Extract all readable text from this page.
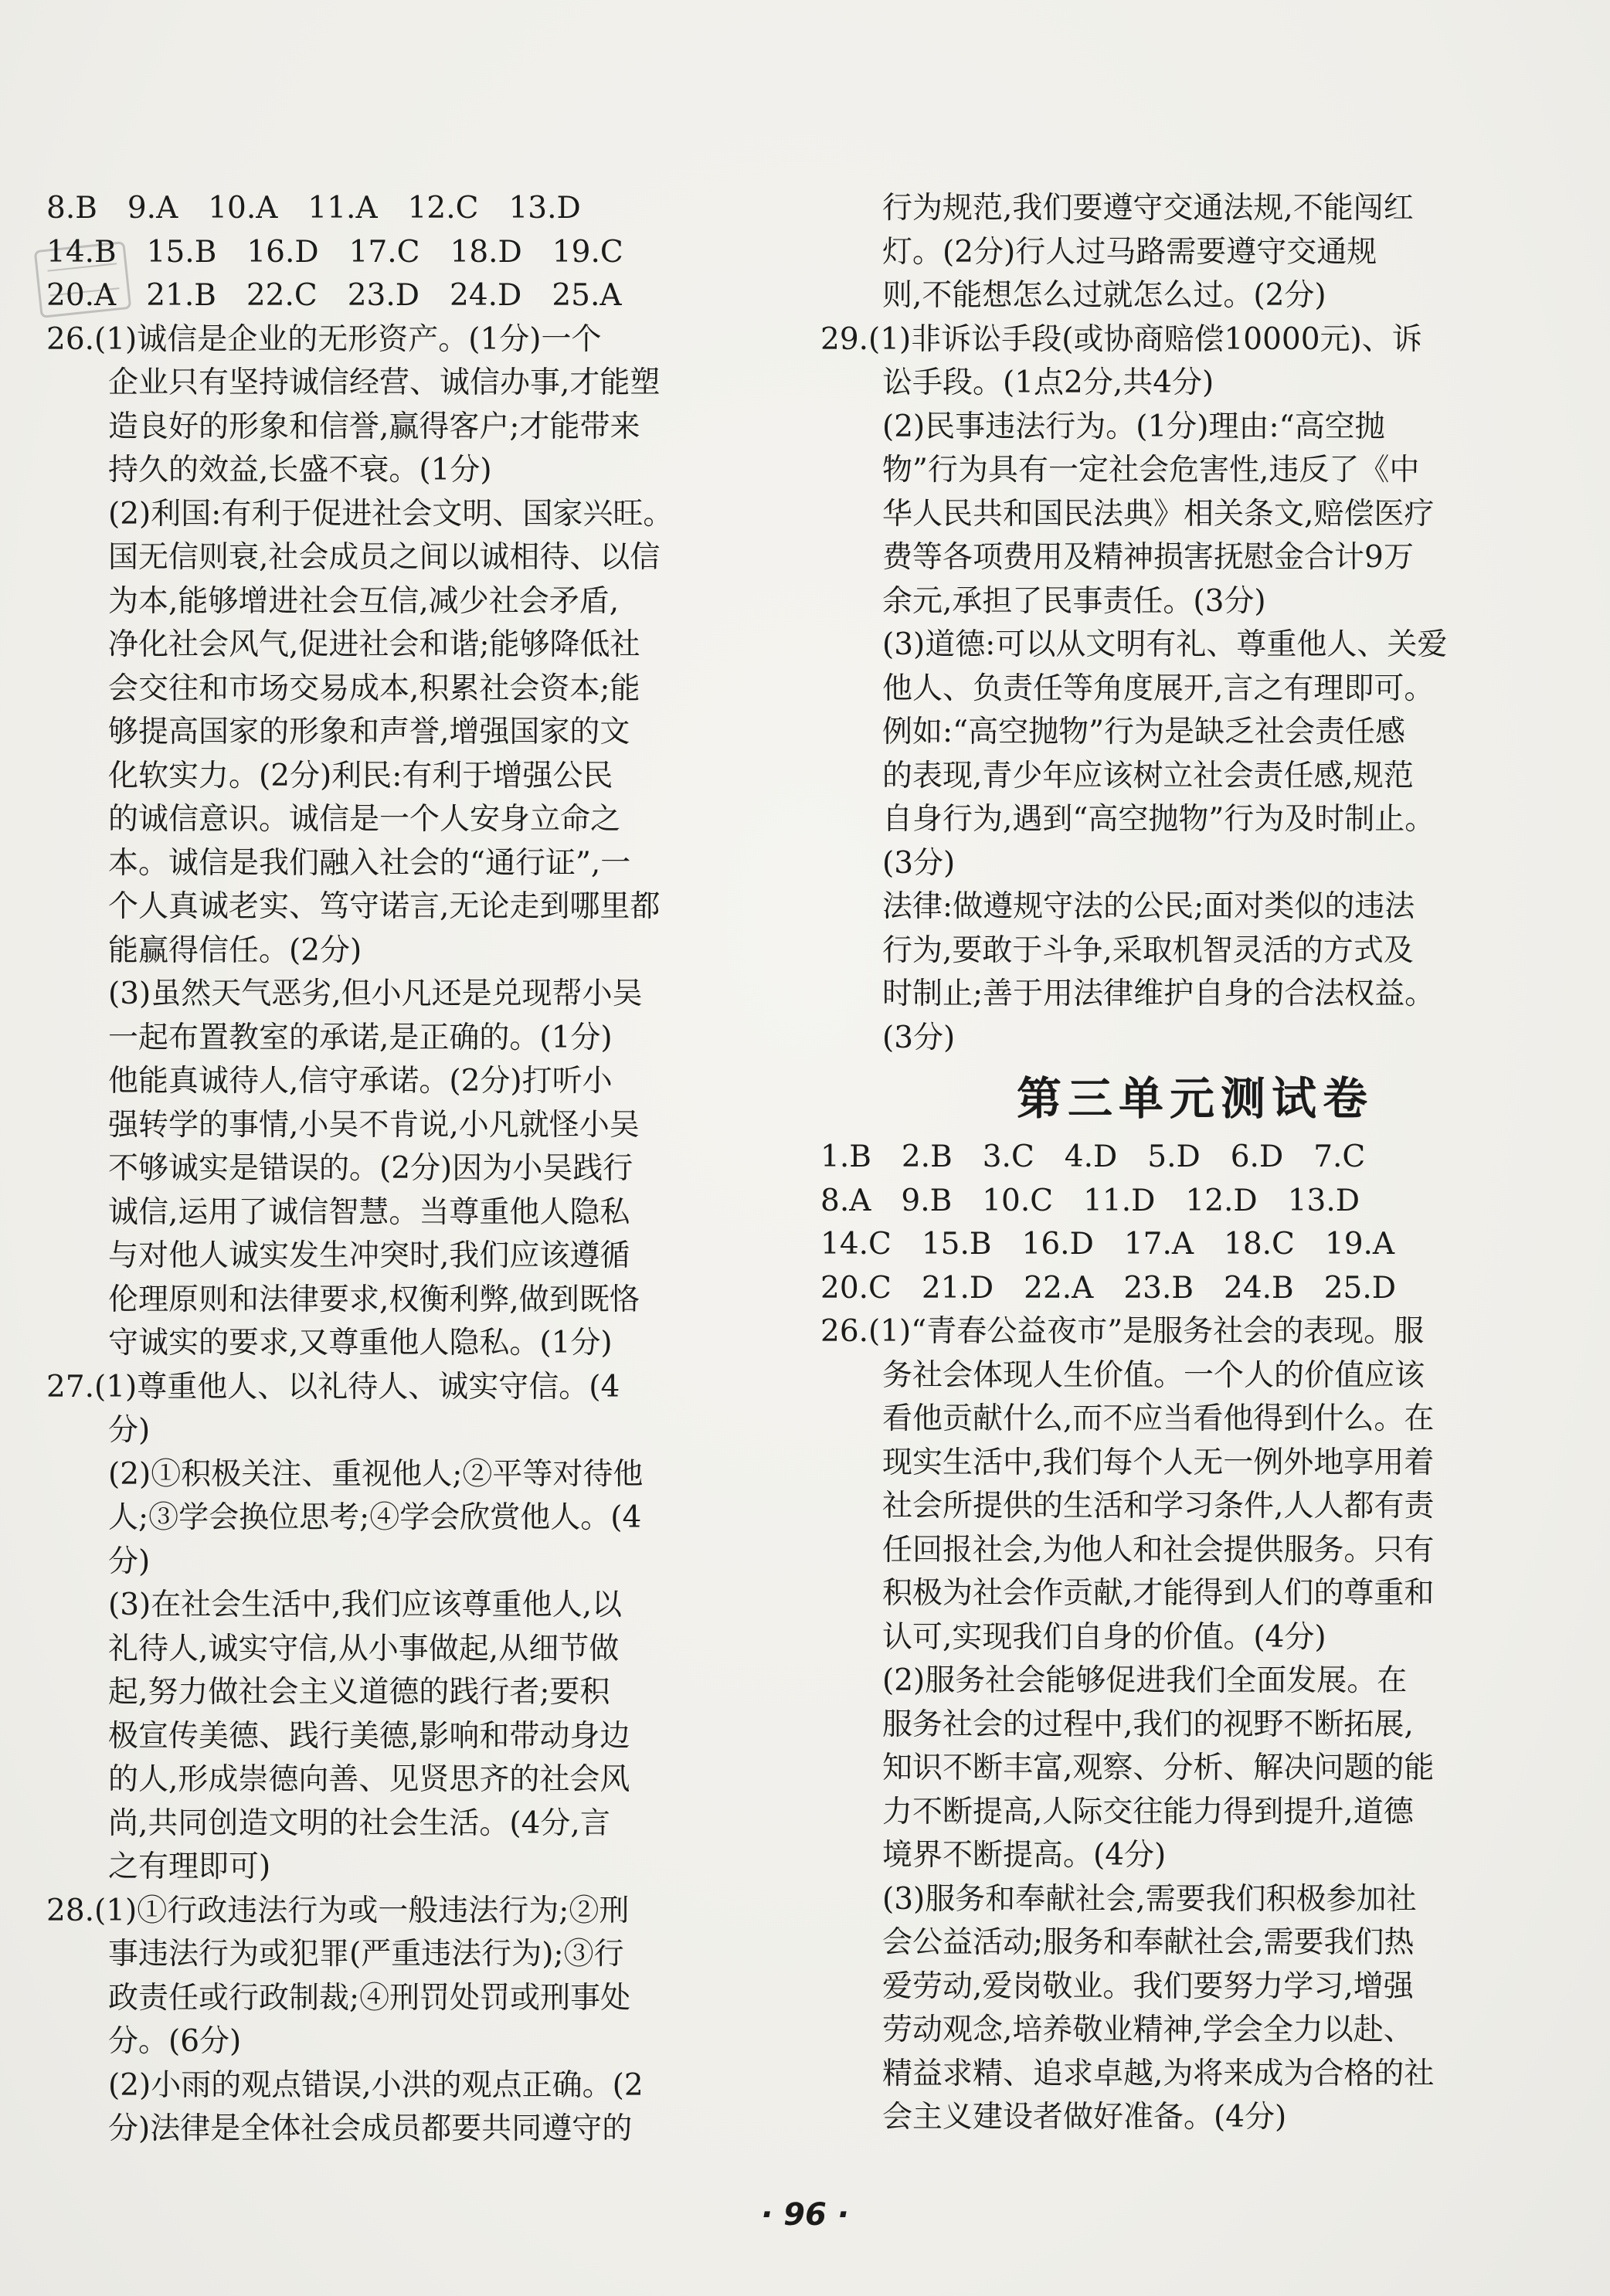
8.B　9.A　10.A　11.A　12.C　13.D
14.B　15.B　16.D　17.C　18.D　19.C
20.A　21.B　22.C　23.D　24.D　25.A
26.(1)诚信是企业的无形资产。(1分)一个
企业只有坚持诚信经营、诚信办事,才能塑
造良好的形象和信誉,赢得客户;才能带来
持久的效益,长盛不衰。(1分)
(2)利国:有利于促进社会文明、国家兴旺。
国无信则衰,社会成员之间以诚相待、以信
为本,能够增进社会互信,减少社会矛盾,
净化社会风气,促进社会和谐;能够降低社
会交往和市场交易成本,积累社会资本;能
够提高国家的形象和声誉,增强国家的文
化软实力。(2分)利民:有利于增强公民
的诚信意识。诚信是一个人安身立命之
本。诚信是我们融入社会的“通行证”,一
个人真诚老实、笃守诺言,无论走到哪里都
能赢得信任。(2分)
(3)虽然天气恶劣,但小凡还是兑现帮小吴
一起布置教室的承诺,是正确的。(1分)
他能真诚待人,信守承诺。(2分)打听小
强转学的事情,小吴不肯说,小凡就怪小吴
不够诚实是错误的。(2分)因为小吴践行
诚信,运用了诚信智慧。当尊重他人隐私
与对他人诚实发生冲突时,我们应该遵循
伦理原则和法律要求,权衡利弊,做到既恪
守诚实的要求,又尊重他人隐私。(1分)
27.(1)尊重他人、以礼待人、诚实守信。(4
分)
(2)①积极关注、重视他人;②平等对待他
人;③学会换位思考;④学会欣赏他人。(4
分)
(3)在社会生活中,我们应该尊重他人,以
礼待人,诚实守信,从小事做起,从细节做
起,努力做社会主义道德的践行者;要积
极宣传美德、践行美德,影响和带动身边
的人,形成崇德向善、见贤思齐的社会风
尚,共同创造文明的社会生活。(4分,言
之有理即可)
28.(1)①行政违法行为或一般违法行为;②刑
事违法行为或犯罪(严重违法行为);③行
政责任或行政制裁;④刑罚处罚或刑事处
分。(6分)
(2)小雨的观点错误,小洪的观点正确。(2
分)法律是全体社会成员都要共同遵守的
行为规范,我们要遵守交通法规,不能闯红
灯。(2分)行人过马路需要遵守交通规
则,不能想怎么过就怎么过。(2分)
29.(1)非诉讼手段(或协商赔偿10000元)、诉
讼手段。(1点2分,共4分)
(2)民事违法行为。(1分)理由:“高空抛
物”行为具有一定社会危害性,违反了《中
华人民共和国民法典》相关条文,赔偿医疗
费等各项费用及精神损害抚慰金合计9万
余元,承担了民事责任。(3分)
(3)道德:可以从文明有礼、尊重他人、关爱
他人、负责任等角度展开,言之有理即可。
例如:“高空抛物”行为是缺乏社会责任感
的表现,青少年应该树立社会责任感,规范
自身行为,遇到“高空抛物”行为及时制止。
(3分)
法律:做遵规守法的公民;面对类似的违法
行为,要敢于斗争,采取机智灵活的方式及
时制止;善于用法律维护自身的合法权益。
(3分)
第三单元测试卷
1.B　2.B　3.C　4.D　5.D　6.D　7.C
8.A　9.B　10.C　11.D　12.D　13.D
14.C　15.B　16.D　17.A　18.C　19.A
20.C　21.D　22.A　23.B　24.B　25.D
26.(1)“青春公益夜市”是服务社会的表现。服
务社会体现人生价值。一个人的价值应该
看他贡献什么,而不应当看他得到什么。在
现实生活中,我们每个人无一例外地享用着
社会所提供的生活和学习条件,人人都有责
任回报社会,为他人和社会提供服务。只有
积极为社会作贡献,才能得到人们的尊重和
认可,实现我们自身的价值。(4分)
(2)服务社会能够促进我们全面发展。在
服务社会的过程中,我们的视野不断拓展,
知识不断丰富,观察、分析、解决问题的能
力不断提高,人际交往能力得到提升,道德
境界不断提高。(4分)
(3)服务和奉献社会,需要我们积极参加社
会公益活动;服务和奉献社会,需要我们热
爱劳动,爱岗敬业。我们要努力学习,增强
劳动观念,培养敬业精神,学会全力以赴、
精益求精、追求卓越,为将来成为合格的社
会主义建设者做好准备。(4分)
· 96 ·
